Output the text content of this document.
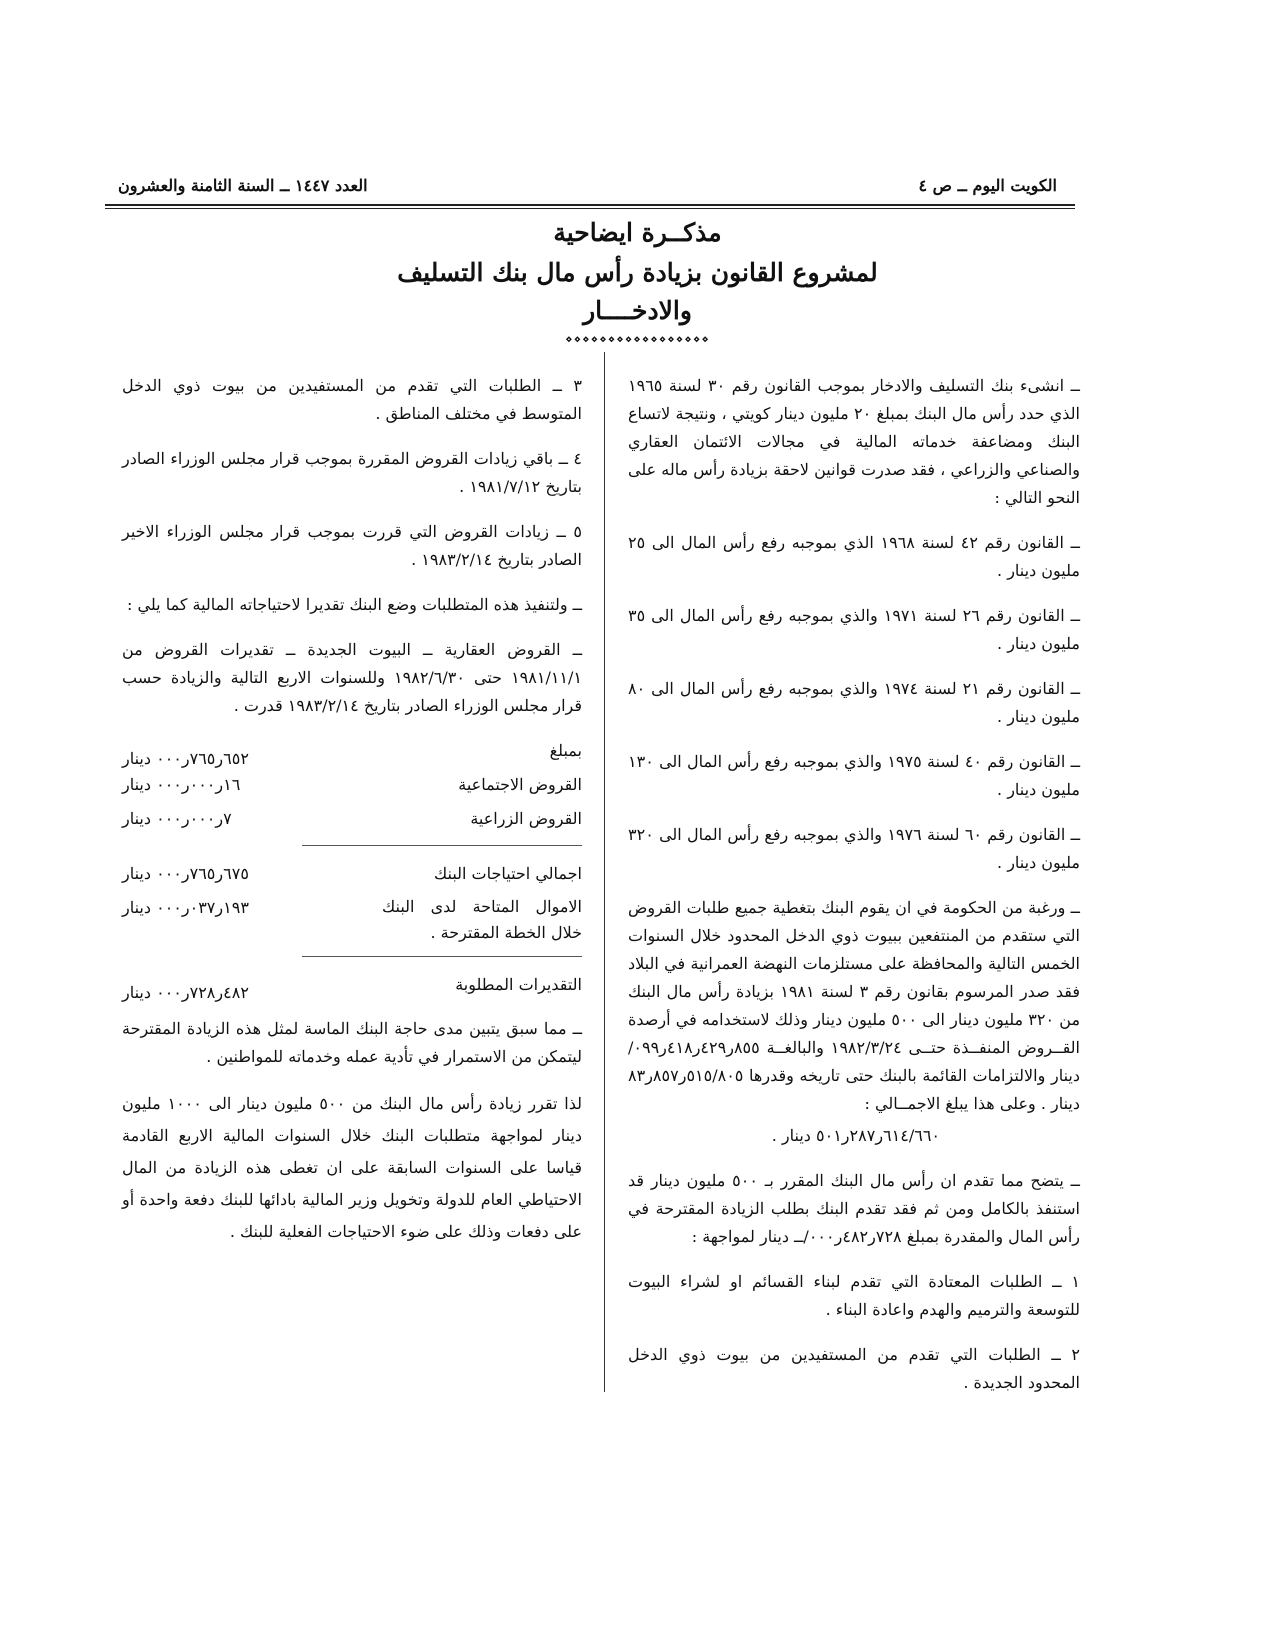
الكويت اليوم ــ ص ٤
العدد ١٤٤٧ ــ السنة الثامنة والعشرون
مذكــرة ايضاحية
لمشروع القانون بزيادة رأس مال بنك التسليف
والادخــــار
⋄⋄⋄⋄⋄⋄⋄⋄⋄⋄⋄⋄⋄⋄⋄⋄⋄

ــ انشىء بنك التسليف والادخار بموجب القانون رقم ٣٠ لسنة ١٩٦٥ الذي حدد رأس مال البنك بمبلغ ٢٠ مليون دينار كويتي ، ونتيجة لاتساع البنك ومضاعفة خدماته المالية في مجالات الائتمان العقاري والصناعي والزراعي ، فقد صدرت قوانين لاحقة بزيادة رأس ماله على النحو التالي :

ــ القانون رقم ٤٢ لسنة ١٩٦٨ الذي بموجبه رفع رأس المال الى ٢٥ مليون دينار .

ــ القانون رقم ٢٦ لسنة ١٩٧١ والذي بموجبه رفع رأس المال الى ٣٥ مليون دينار .

ــ القانون رقم ٢١ لسنة ١٩٧٤ والذي بموجبه رفع رأس المال الى ٨٠ مليون دينار .

ــ القانون رقم ٤٠ لسنة ١٩٧٥ والذي بموجبه رفع رأس المال الى ١٣٠ مليون دينار .

ــ القانون رقم ٦٠ لسنة ١٩٧٦ والذي بموجبه رفع رأس المال الى ٣٢٠ مليون دينار .

ــ ورغبة من الحكومة في ان يقوم البنك بتغطية جميع طلبات القروض التي ستقدم من المنتفعين ببيوت ذوي الدخل المحدود خلال السنوات الخمس التالية والمحافظة على مستلزمات النهضة العمرانية في البلاد فقد صدر المرسوم بقانون رقم ٣ لسنة ١٩٨١ بزيادة رأس مال البنك من ٣٢٠ مليون دينار الى ٥٠٠ مليون دينار وذلك لاستخدامه في أرصدة القــروض المنفــذة حتــى ١٩٨٢/٣/٢٤ والبالغــة ٨٥٥ر٤٢٩ر٤١٨ر٠٩٩/ دينار والالتزامات القائمة بالبنك حتى تاريخه وقدرها ٥١٥/٨٠٥ر٨٥٧ر٨٣ دينار . وعلى هذا يبلغ الاجمــالي :

٦١٤/٦٦٠ر٢٨٧ر٥٠١ دينار .

ــ يتضح مما تقدم ان رأس مال البنك المقرر بـ ٥٠٠ مليون دينار قد استنفذ بالكامل ومن ثم فقد تقدم البنك بطلب الزيادة المقترحة في رأس المال والمقدرة بمبلغ ٧٢٨ر٤٨٢ر٠٠٠/ــ دينار لمواجهة :

١ ــ الطلبات المعتادة التي تقدم لبناء القسائم او لشراء البيوت للتوسعة والترميم والهدم واعادة البناء .

٢ ــ الطلبات التي تقدم من المستفيدين من بيوت ذوي الدخل المحدود الجديدة .

٣ ــ الطلبات التي تقدم من المستفيدين من بيوت ذوي الدخل المتوسط في مختلف المناطق .

٤ ــ باقي زيادات القروض المقررة بموجب قرار مجلس الوزراء الصادر بتاريخ ١٩٨١/٧/١٢ .

٥ ــ زيادات القروض التي قررت بموجب قرار مجلس الوزراء الاخير الصادر بتاريخ ١٩٨٣/٢/١٤ .

ــ ولتنفيذ هذه المتطلبات وضع البنك تقديرا لاحتياجاته المالية كما يلي :

ــ القروض العقارية ــ البيوت الجديدة ــ تقديرات القروض من ١٩٨١/١١/١ حتى ١٩٨٢/٦/٣٠ وللسنوات الاربع التالية والزيادة حسب قرار مجلس الوزراء الصادر بتاريخ ١٩٨٣/٢/١٤ قدرت .

بمبلغ
٦٥٢ر٧٦٥ر٠٠٠ دينار
القروض الاجتماعية
١٦ر٠٠٠ر٠٠٠ دينار
القروض الزراعية
٧ر٠٠٠ر٠٠٠ دينار
اجمالي احتياجات البنك
٦٧٥ر٧٦٥ر٠٠٠ دينار
الاموال المتاحة لدى البنك خلال الخطة المقترحة .
١٩٣ر٠٣٧ر٠٠٠ دينار
التقديرات المطلوبة
٤٨٢ر٧٢٨ر٠٠٠ دينار

ــ مما سبق يتبين مدى حاجة البنك الماسة لمثل هذه الزيادة المقترحة ليتمكن من الاستمرار في تأدية عمله وخدماته للمواطنين .

لذا تقرر زيادة رأس مال البنك من ٥٠٠ مليون دينار الى ١٠٠٠ مليون دينار لمواجهة متطلبات البنك خلال السنوات المالية الاربع القادمة قياسا على السنوات السابقة على ان تغطى هذه الزيادة من المال الاحتياطي العام للدولة وتخويل وزير المالية بادائها للبنك دفعة واحدة أو على دفعات وذلك على ضوء الاحتياجات الفعلية للبنك .
